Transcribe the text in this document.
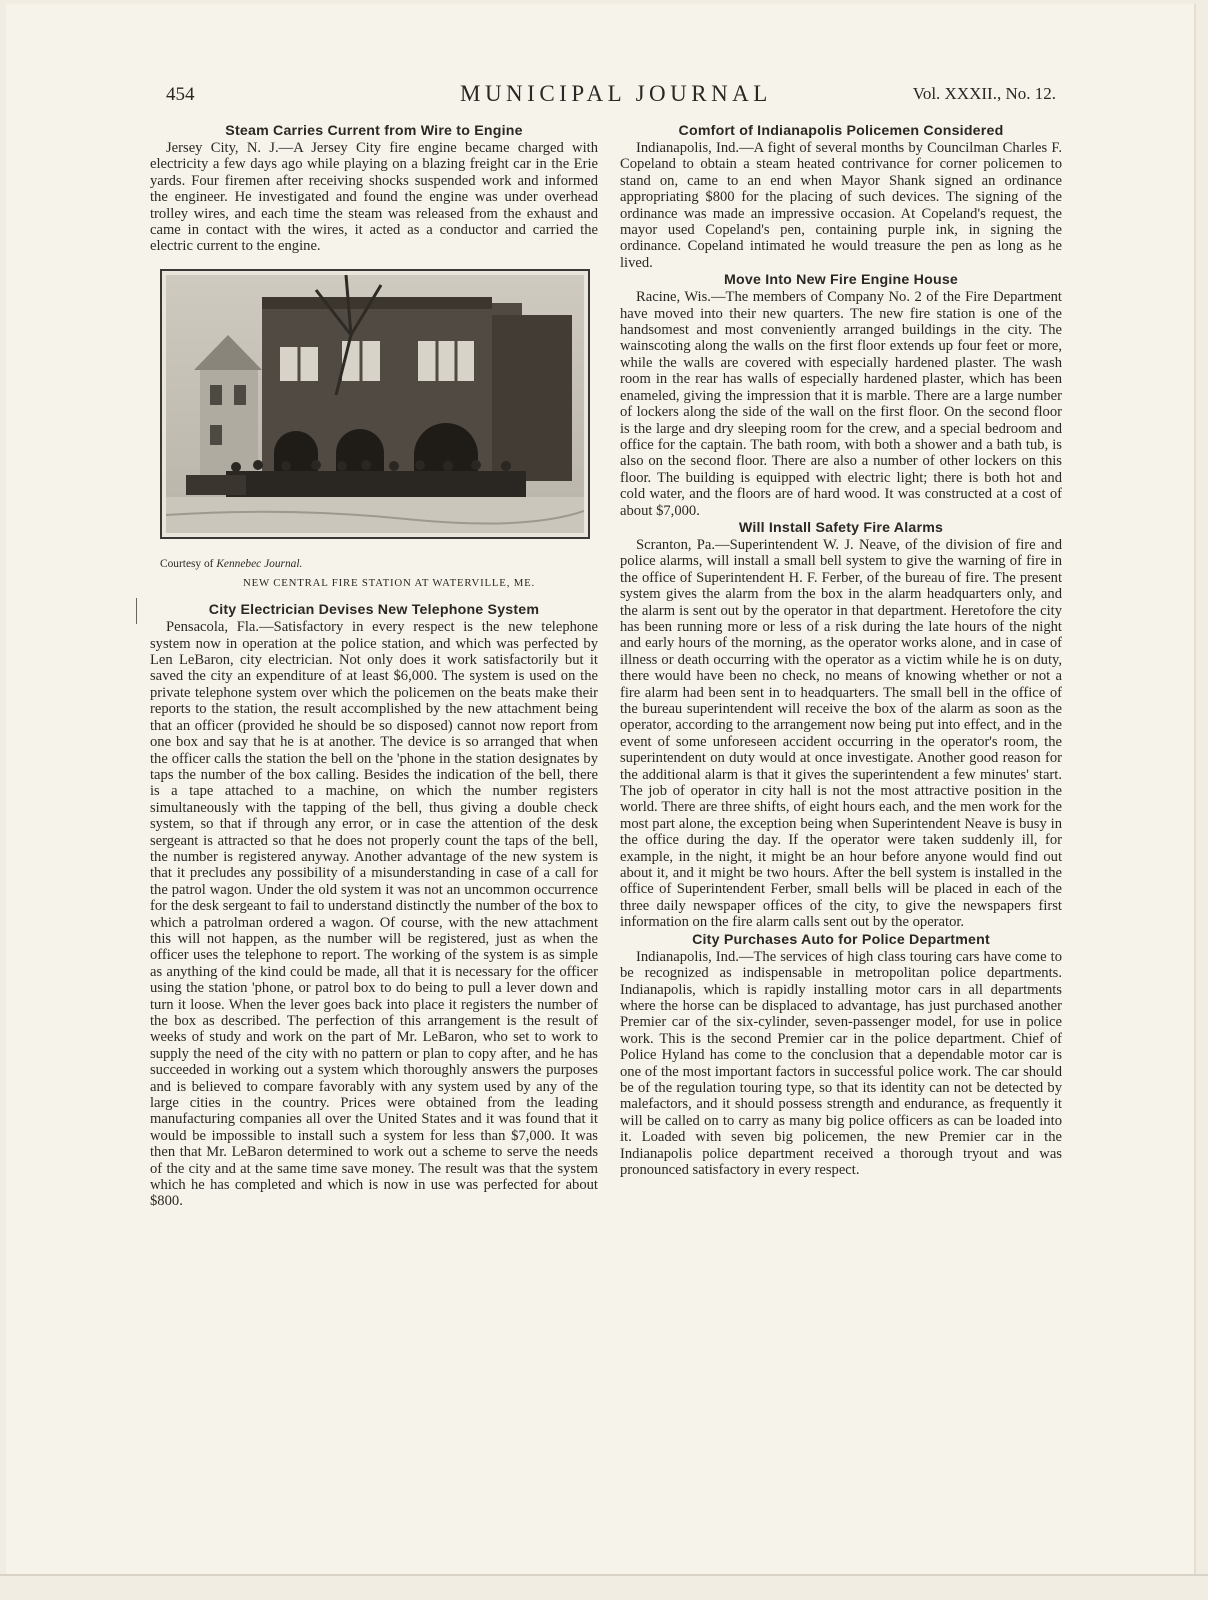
454	MUNICIPAL JOURNAL	Vol. XXXII., No. 12.
Steam Carries Current from Wire to Engine

Jersey City, N. J.—A Jersey City fire engine became charged with electricity a few days ago while playing on a blazing freight car in the Erie yards. Four firemen after receiving shocks suspended work and informed the engineer. He investigated and found the engine was under overhead trolley wires, and each time the steam was released from the exhaust and came in contact with the wires, it acted as a conductor and carried the electric current to the engine.

Courtesy of Kennebec Journal.
NEW CENTRAL FIRE STATION AT WATERVILLE, ME.
City Electrician Devises New Telephone System

Pensacola, Fla.—Satisfactory in every respect is the new telephone system now in operation at the police station, and which was perfected by Len LeBaron, city electrician. Not only does it work satisfactorily but it saved the city an expenditure of at least $6,000. The system is used on the private telephone system over which the policemen on the beats make their reports to the station, the result accomplished by the new attachment being that an officer (provided he should be so disposed) cannot now report from one box and say that he is at another. The device is so arranged that when the officer calls the station the bell on the 'phone in the station designates by taps the number of the box calling. Besides the indication of the bell, there is a tape attached to a machine, on which the number registers simultaneously with the tapping of the bell, thus giving a double check system, so that if through any error, or in case the attention of the desk sergeant is attracted so that he does not properly count the taps of the bell, the number is registered anyway. Another advantage of the new system is that it precludes any possibility of a misunderstanding in case of a call for the patrol wagon. Under the old system it was not an uncommon occurrence for the desk sergeant to fail to understand distinctly the number of the box to which a patrolman ordered a wagon. Of course, with the new attachment this will not happen, as the number will be registered, just as when the officer uses the telephone to report. The working of the system is as simple as anything of the kind could be made, all that it is necessary for the officer using the station 'phone, or patrol box to do being to pull a lever down and turn it loose. When the lever goes back into place it registers the number of the box as described. The perfection of this arrangement is the result of weeks of study and work on the part of Mr. LeBaron, who set to work to supply the need of the city with no pattern or plan to copy after, and he has succeeded in working out a system which thoroughly answers the purposes and is believed to compare favorably with any system used by any of the large cities in the country. Prices were obtained from the leading manufacturing companies all over the United States and it was found that it would be impossible to install such a system for less than $7,000. It was then that Mr. LeBaron determined to work out a scheme to serve the needs of the city and at the same time save money. The result was that the system which he has completed and which is now in use was perfected for about $800.

Comfort of Indianapolis Policemen Considered

Indianapolis, Ind.—A fight of several months by Councilman Charles F. Copeland to obtain a steam heated contrivance for corner policemen to stand on, came to an end when Mayor Shank signed an ordinance appropriating $800 for the placing of such devices. The signing of the ordinance was made an impressive occasion. At Copeland's request, the mayor used Copeland's pen, containing purple ink, in signing the ordinance. Copeland intimated he would treasure the pen as long as he lived.

Move Into New Fire Engine House

Racine, Wis.—The members of Company No. 2 of the Fire Department have moved into their new quarters. The new fire station is one of the handsomest and most conveniently arranged buildings in the city. The wainscoting along the walls on the first floor extends up four feet or more, while the walls are covered with especially hardened plaster. The wash room in the rear has walls of especially hardened plaster, which has been enameled, giving the impression that it is marble. There are a large number of lockers along the side of the wall on the first floor. On the second floor is the large and dry sleeping room for the crew, and a special bedroom and office for the captain. The bath room, with both a shower and a bath tub, is also on the second floor. There are also a number of other lockers on this floor. The building is equipped with electric light; there is both hot and cold water, and the floors are of hard wood. It was constructed at a cost of about $7,000.

Will Install Safety Fire Alarms

Scranton, Pa.—Superintendent W. J. Neave, of the division of fire and police alarms, will install a small bell system to give the warning of fire in the office of Superintendent H. F. Ferber, of the bureau of fire. The present system gives the alarm from the box in the alarm headquarters only, and the alarm is sent out by the operator in that department. Heretofore the city has been running more or less of a risk during the late hours of the night and early hours of the morning, as the operator works alone, and in case of illness or death occurring with the operator as a victim while he is on duty, there would have been no check, no means of knowing whether or not a fire alarm had been sent in to headquarters. The small bell in the office of the bureau superintendent will receive the box of the alarm as soon as the operator, according to the arrangement now being put into effect, and in the event of some unforeseen accident occurring in the operator's room, the superintendent on duty would at once investigate. Another good reason for the additional alarm is that it gives the superintendent a few minutes' start. The job of operator in city hall is not the most attractive position in the world. There are three shifts, of eight hours each, and the men work for the most part alone, the exception being when Superintendent Neave is busy in the office during the day. If the operator were taken suddenly ill, for example, in the night, it might be an hour before anyone would find out about it, and it might be two hours. After the bell system is installed in the office of Superintendent Ferber, small bells will be placed in each of the three daily newspaper offices of the city, to give the newspapers first information on the fire alarm calls sent out by the operator.

City Purchases Auto for Police Department

Indianapolis, Ind.—The services of high class touring cars have come to be recognized as indispensable in metropolitan police departments. Indianapolis, which is rapidly installing motor cars in all departments where the horse can be displaced to advantage, has just purchased another Premier car of the six-cylinder, seven-passenger model, for use in police work. This is the second Premier car in the police department. Chief of Police Hyland has come to the conclusion that a dependable motor car is one of the most important factors in successful police work. The car should be of the regulation touring type, so that its identity can not be detected by malefactors, and it should possess strength and endurance, as frequently it will be called on to carry as many big police officers as can be loaded into it. Loaded with seven big policemen, the new Premier car in the Indianapolis police department received a thorough tryout and was pronounced satisfactory in every respect.
